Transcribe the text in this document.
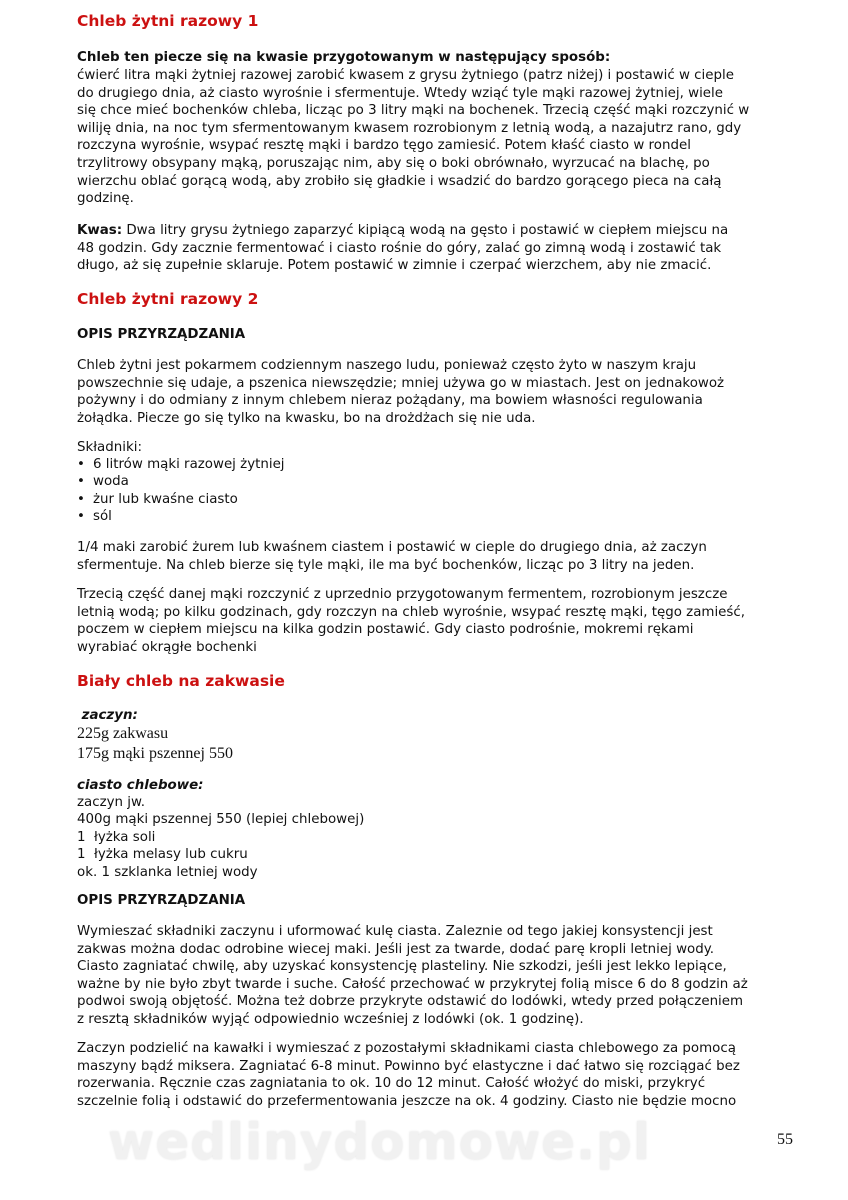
wedlinydomowe.pl
Chleb żytni razowy 1
Chleb ten piecze się na kwasie przygotowanym w następujący sposób:
ćwierć litra mąki żytniej razowej zarobić kwasem z grysu żytniego (patrz niżej) i postawić w cieple
do drugiego dnia, aż ciasto wyrośnie i sfermentuje. Wtedy wziąć tyle mąki razowej żytniej, wiele
się chce mieć bochenków chleba, licząc po 3 litry mąki na bochenek. Trzecią część mąki rozczynić w
wiliję dnia, na noc tym sfermentowanym kwasem rozrobionym z letnią wodą, a nazajutrz rano, gdy
rozczyna wyrośnie, wsypać resztę mąki i bardzo tęgo zamiesić. Potem kłaść ciasto w rondel
trzylitrowy obsypany mąką, poruszając nim, aby się o boki obrównało, wyrzucać na blachę, po
wierzchu oblać gorącą wodą, aby zrobiło się gładkie i wsadzić do bardzo gorącego pieca na całą
godzinę.
Kwas: Dwa litry grysu żytniego zaparzyć kipiącą wodą na gęsto i postawić w ciepłem miejscu na
48 godzin. Gdy zacznie fermentować i ciasto rośnie do góry, zalać go zimną wodą i zostawić tak
długo, aż się zupełnie sklaruje. Potem postawić w zimnie i czerpać wierzchem, aby nie zmacić.
Chleb żytni razowy 2
OPIS PRZYRZĄDZANIA
Chleb żytni jest pokarmem codziennym naszego ludu, ponieważ często żyto w naszym kraju
powszechnie się udaje, a pszenica niewszędzie; mniej używa go w miastach. Jest on jednakowoż
pożywny i do odmiany z innym chlebem nieraz pożądany, ma bowiem własności regulowania
żołądka. Piecze go się tylko na kwasku, bo na drożdżach się nie uda.
Składniki:
• 6 litrów mąki razowej żytniej
• woda
• żur lub kwaśne ciasto
• sól
1/4 maki zarobić żurem lub kwaśnem ciastem i postawić w cieple do drugiego dnia, aż zaczyn
sfermentuje. Na chleb bierze się tyle mąki, ile ma być bochenków, licząc po 3 litry na jeden.
Trzecią część danej mąki rozczynić z uprzednio przygotowanym fermentem, rozrobionym jeszcze
letnią wodą; po kilku godzinach, gdy rozczyn na chleb wyrośnie, wsypać resztę mąki, tęgo zamieść,
poczem w ciepłem miejscu na kilka godzin postawić. Gdy ciasto podrośnie, mokremi rękami
wyrabiać okrągłe bochenki
Biały chleb na zakwasie
zaczyn:
225g zakwasu
175g mąki pszennej 550
ciasto chlebowe:
zaczyn jw.
400g mąki pszennej 550 (lepiej chlebowej)
1  łyżka soli
1  łyżka melasy lub cukru
ok. 1 szklanka letniej wody
OPIS PRZYRZĄDZANIA
Wymieszać składniki zaczynu i uformować kulę ciasta. Zaleznie od tego jakiej konsystencji jest
zakwas można dodac odrobine wiecej maki. Jeśli jest za twarde, dodać parę kropli letniej wody.
Ciasto zagniatać chwilę, aby uzyskać konsystencję plasteliny. Nie szkodzi, jeśli jest lekko lepiące,
ważne by nie było zbyt twarde i suche. Całość przechować w przykrytej folią misce 6 do 8 godzin aż
podwoi swoją objętość. Można też dobrze przykryte odstawić do lodówki, wtedy przed połączeniem
z resztą składników wyjąć odpowiednio wcześniej z lodówki (ok. 1 godzinę).
Zaczyn podzielić na kawałki i wymieszać z pozostałymi składnikami ciasta chlebowego za pomocą
maszyny bądź miksera. Zagniatać 6-8 minut. Powinno być elastyczne i dać łatwo się rozciągać bez
rozerwania. Ręcznie czas zagniatania to ok. 10 do 12 minut. Całość włożyć do miski, przykryć
szczelnie folią i odstawić do przefermentowania jeszcze na ok. 4 godziny. Ciasto nie będzie mocno
55
